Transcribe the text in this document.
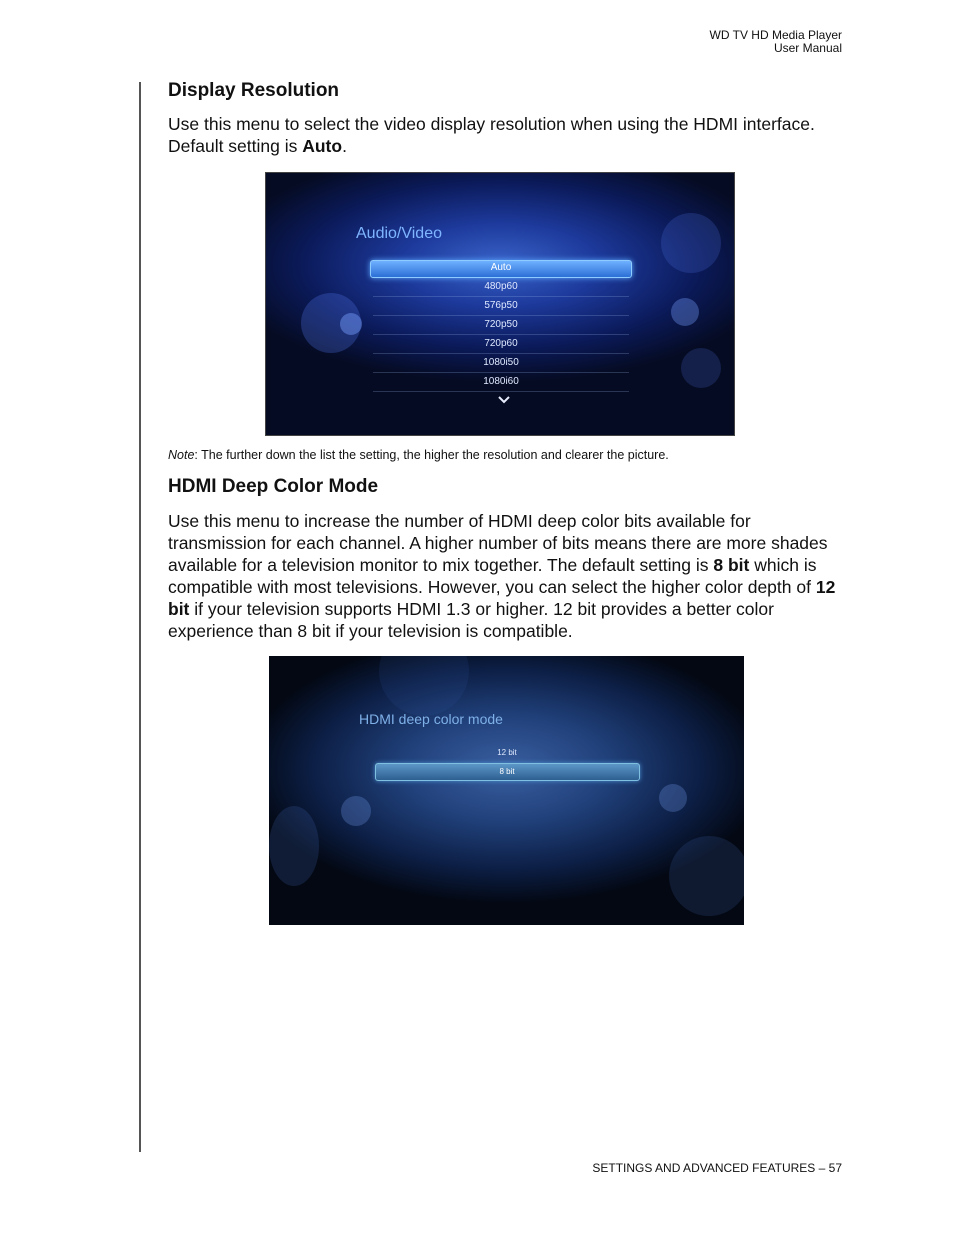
WD TV HD Media Player
User Manual
Display Resolution

Use this menu to select the video display resolution when using the HDMI interface. Default setting is Auto.

Audio/Video
Auto
480p60
576p50
720p50
720p60
1080i50
1080i60
Note: The further down the list the setting, the higher the resolution and clearer the picture.
HDMI Deep Color Mode

Use this menu to increase the number of HDMI deep color bits available for transmission for each channel. A higher number of bits means there are more shades available for a television monitor to mix together. The default setting is 8 bit which is compatible with most televisions. However, you can select the higher color depth of 12 bit if your television supports HDMI 1.3 or higher. 12 bit provides a better color experience than 8 bit if your television is compatible.

HDMI deep color mode
12 bit
8 bit
SETTINGS AND ADVANCED FEATURES – 57
